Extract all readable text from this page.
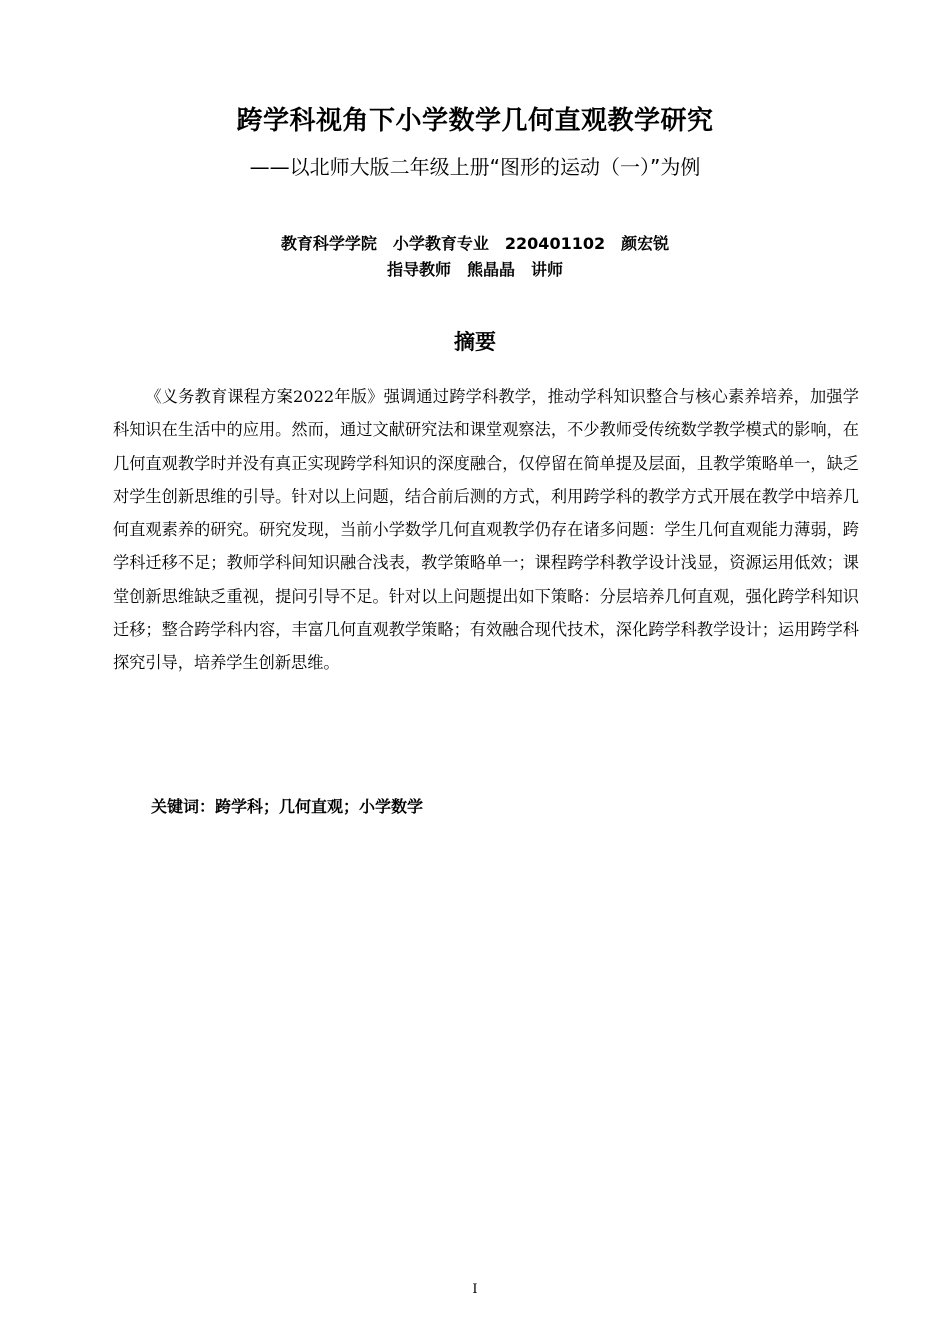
跨学科视角下小学数学几何直观教学研究
——以北师大版二年级上册“图形的运动（一）”为例
教育科学学院 小学教育专业 220401102 颜宏锐
指导教师 熊晶晶 讲师
摘要

《义务教育课程方案2022年版》强调通过跨学科教学，推动学科知识整合与核心素养培养，加强学科知识在生活中的应用。然而，通过文献研究法和课堂观察法，不少教师受传统数学教学模式的影响，在几何直观教学时并没有真正实现跨学科知识的深度融合，仅停留在简单提及层面，且教学策略单一，缺乏对学生创新思维的引导。针对以上问题，结合前后测的方式，利用跨学科的教学方式开展在教学中培养几何直观素养的研究。研究发现，当前小学数学几何直观教学仍存在诸多问题：学生几何直观能力薄弱，跨学科迁移不足；教师学科间知识融合浅表，教学策略单一；课程跨学科教学设计浅显，资源运用低效；课堂创新思维缺乏重视，提问引导不足。针对以上问题提出如下策略：分层培养几何直观，强化跨学科知识迁移；整合跨学科内容，丰富几何直观教学策略；有效融合现代技术，深化跨学科教学设计；运用跨学科探究引导，培养学生创新思维。

关键词：跨学科；几何直观；小学数学
I
